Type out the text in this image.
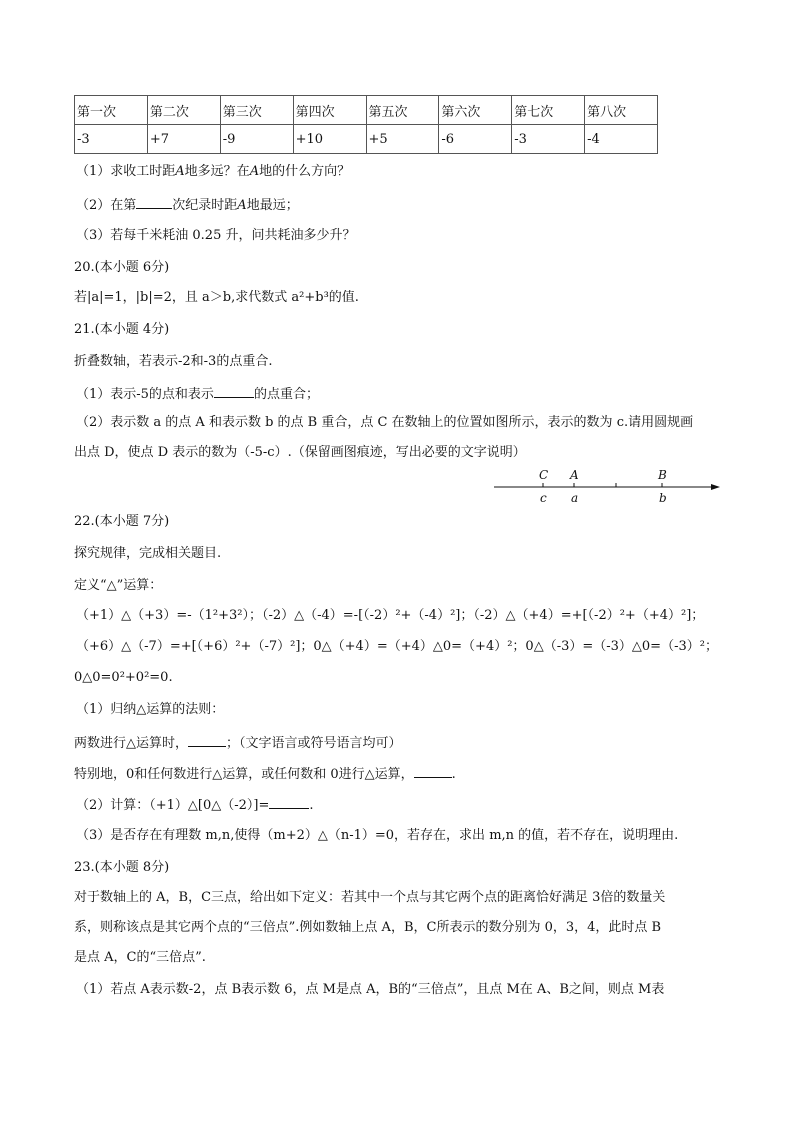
第一次	第二次	第三次	第四次	第五次	第六次	第七次	第八次
-3	+7	-9	+10	+5	-6	-3	-4
（1）求收工时距A地多远？在A地的什么方向？
（2）在第	次纪录时距A地最远；
（3）若每千米耗油 0.25 升，问共耗油多少升？
20.(本小题 6分)
若|a|=1，|b|=2，且 a＞b,求代数式 a²+b³的值.
21.(本小题 4分)
折叠数轴，若表示-2和-3的点重合.
（1）表示-5的点和表示	的点重合；
（2）表示数 a 的点 A 和表示数 b 的点 B 重合，点 C 在数轴上的位置如图所示，表示的数为 c.请用圆规画
出点 D，使点 D 表示的数为（-5-c）.（保留画图痕迹，写出必要的文字说明）
C A	B
c a	b
22.(本小题 7分)
探究规律，完成相关题目.
定义“△”运算：
（+1）△（+3）=-（1²+3²）；（-2）△（-4）=-[（-2）²+（-4）²]；（-2）△（+4）=+[（-2）²+（+4）²]；
（+6）△（-7）=+[（+6）²+（-7）²]；0△（+4）=（+4）△0=（+4）²；0△（-3）=（-3）△0=（-3）²；
0△0=0²+0²=0.
（1）归纳△运算的法则：
两数进行△运算时，	；（文字语言或符号语言均可）
特别地，0和任何数进行△运算，或任何数和 0进行△运算，	.
（2）计算：（+1）△[0△（-2）]=	.
（3）是否存在有理数 m,n,使得（m+2）△（n-1）=0，若存在，求出 m,n 的值，若不存在，说明理由.
23.(本小题 8分)
对于数轴上的 A，B，C三点，给出如下定义：若其中一个点与其它两个点的距离恰好满足 3倍的数量关
系，则称该点是其它两个点的“三倍点”.例如数轴上点 A，B，C所表示的数分别为 0，3，4，此时点 B
是点 A，C的“三倍点”.
（1）若点 A表示数-2，点 B表示数 6，点 M是点 A，B的“三倍点”，且点 M在 A、B之间，则点 M表
